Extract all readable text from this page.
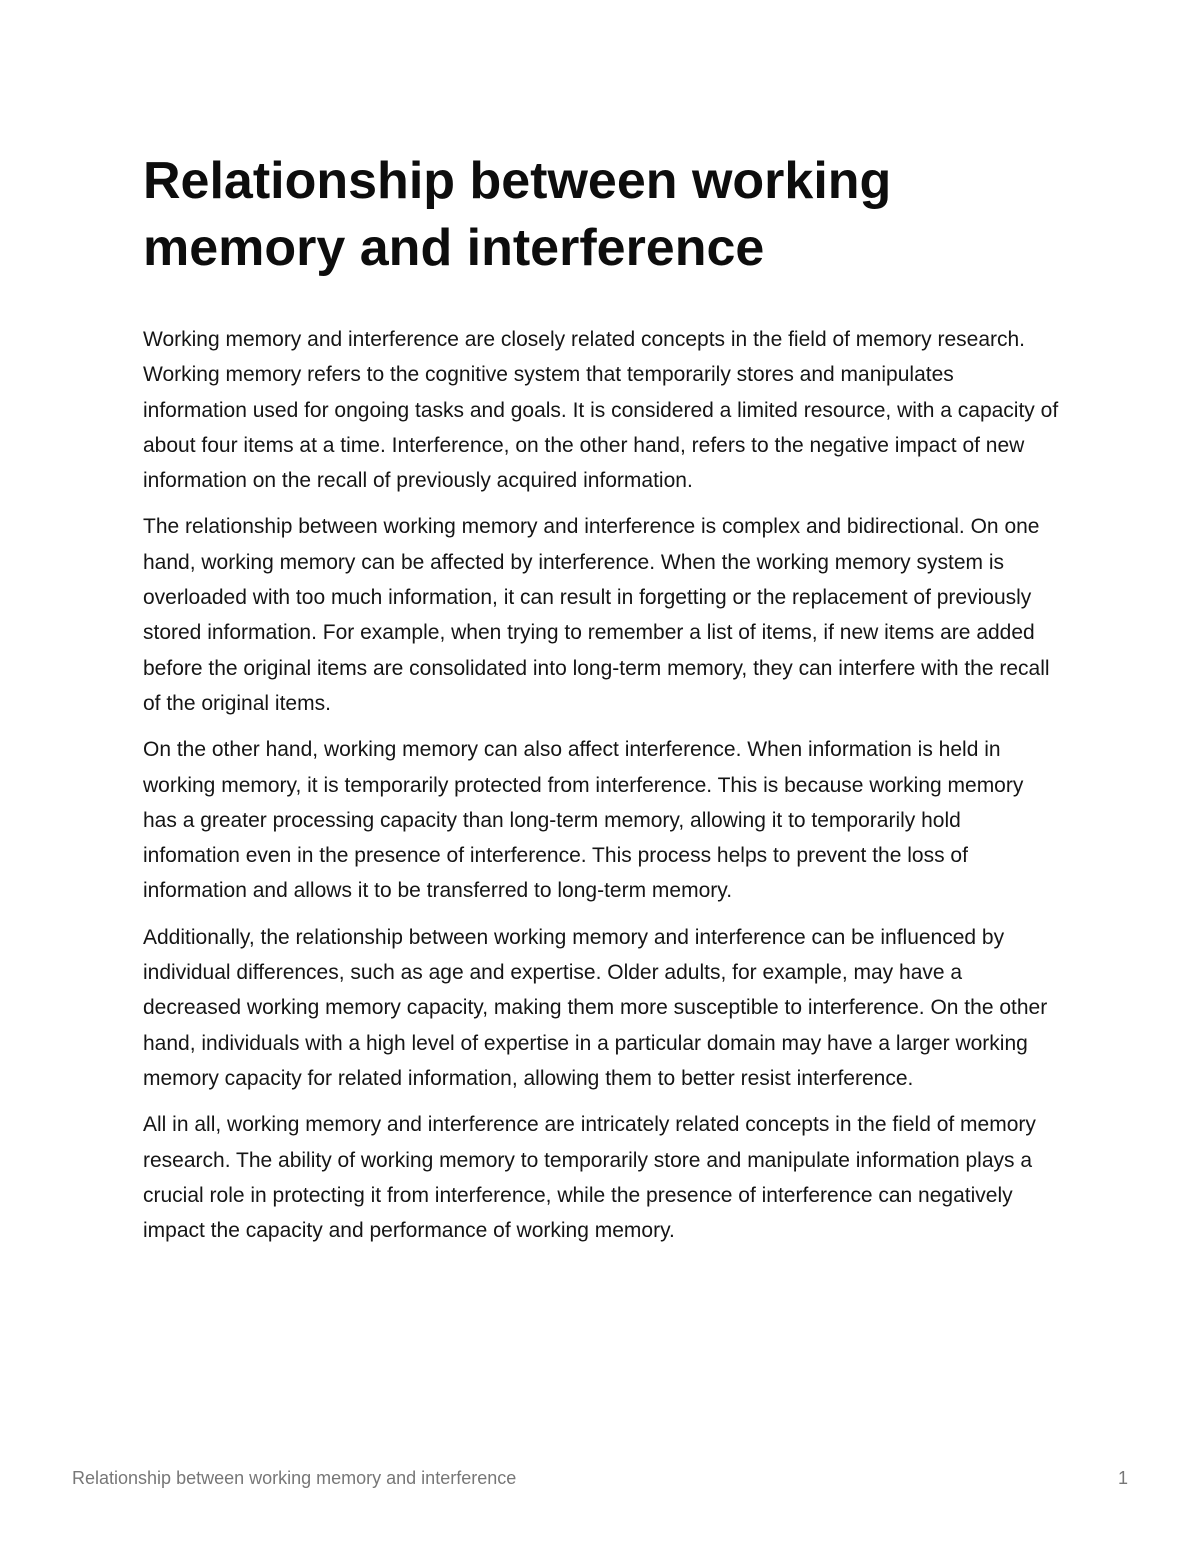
Relationship between working memory and interference

Working memory and interference are closely related concepts in the field of memory research. Working memory refers to the cognitive system that temporarily stores and manipulates information used for ongoing tasks and goals. It is considered a limited resource, with a capacity of about four items at a time. Interference, on the other hand, refers to the negative impact of new information on the recall of previously acquired information.

The relationship between working memory and interference is complex and bidirectional. On one hand, working memory can be affected by interference. When the working memory system is overloaded with too much information, it can result in forgetting or the replacement of previously stored information. For example, when trying to remember a list of items, if new items are added before the original items are consolidated into long-term memory, they can interfere with the recall of the original items.

On the other hand, working memory can also affect interference. When information is held in working memory, it is temporarily protected from interference. This is because working memory has a greater processing capacity than long-term memory, allowing it to temporarily hold infomation even in the presence of interference. This process helps to prevent the loss of information and allows it to be transferred to long-term memory.

Additionally, the relationship between working memory and interference can be influenced by individual differences, such as age and expertise. Older adults, for example, may have a decreased working memory capacity, making them more susceptible to interference. On the other hand, individuals with a high level of expertise in a particular domain may have a larger working memory capacity for related information, allowing them to better resist interference.

All in all, working memory and interference are intricately related concepts in the field of memory research. The ability of working memory to temporarily store and manipulate information plays a crucial role in protecting it from interference, while the presence of interference can negatively impact the capacity and performance of working memory.

Relationship between working memory and interference	1
